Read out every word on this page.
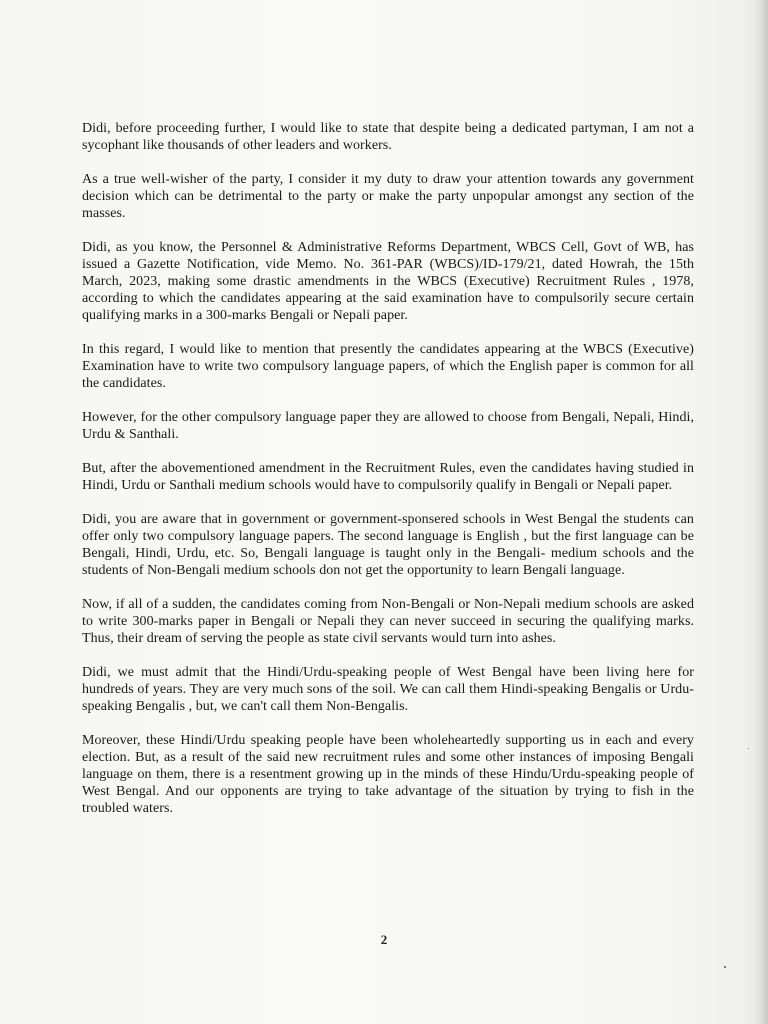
Didi, before proceeding further, I would like to state that despite being a dedicated partyman, I am not a sycophant like thousands of other leaders and workers.

As a true well-wisher of the party, I consider it my duty to draw your attention towards any government decision which can be detrimental to the party or make the party unpopular amongst any section of the masses.

Didi, as you know, the Personnel & Administrative Reforms Department, WBCS Cell, Govt of WB, has issued a Gazette Notification, vide Memo. No. 361-PAR (WBCS)/ID-179/21, dated Howrah, the 15th March, 2023, making some drastic amendments in the WBCS (Executive) Recruitment Rules , 1978, according to which the candidates appearing at the said examination have to compulsorily secure certain qualifying marks in a 300-marks Bengali or Nepali paper.

In this regard, I would like to mention that presently the candidates appearing at the WBCS (Executive) Examination have to write two compulsory language papers, of which the English paper is common for all the candidates.

However, for the other compulsory language paper they are allowed to choose from Bengali, Nepali, Hindi, Urdu & Santhali.

But, after the abovementioned amendment in the Recruitment Rules, even the candidates having studied in Hindi, Urdu or Santhali medium schools would have to compulsorily qualify in Bengali or Nepali paper.

Didi, you are aware that in government or government-sponsered schools in West Bengal the students can offer only two compulsory language papers. The second language is English , but the first language can be Bengali, Hindi, Urdu, etc. So, Bengali language is taught only in the Bengali- medium schools and the students of Non-Bengali medium schools don not get the opportunity to learn Bengali language.

Now, if all of a sudden, the candidates coming from Non-Bengali or Non-Nepali medium schools are asked to write 300-marks paper in Bengali or Nepali they can never succeed in securing the qualifying marks. Thus, their dream of serving the people as state civil servants would turn into ashes.

Didi, we must admit that the Hindi/Urdu-speaking people of West Bengal have been living here for hundreds of years. They are very much sons of the soil. We can call them Hindi-speaking Bengalis or Urdu-speaking Bengalis , but, we can't call them Non-Bengalis.

Moreover, these Hindi/Urdu speaking people have been wholeheartedly supporting us in each and every election. But, as a result of the said new recruitment rules and some other instances of imposing Bengali language on them, there is a resentment growing up in the minds of these Hindu/Urdu-speaking people of West Bengal. And our opponents are trying to take advantage of the situation by trying to fish in the troubled waters.

2
